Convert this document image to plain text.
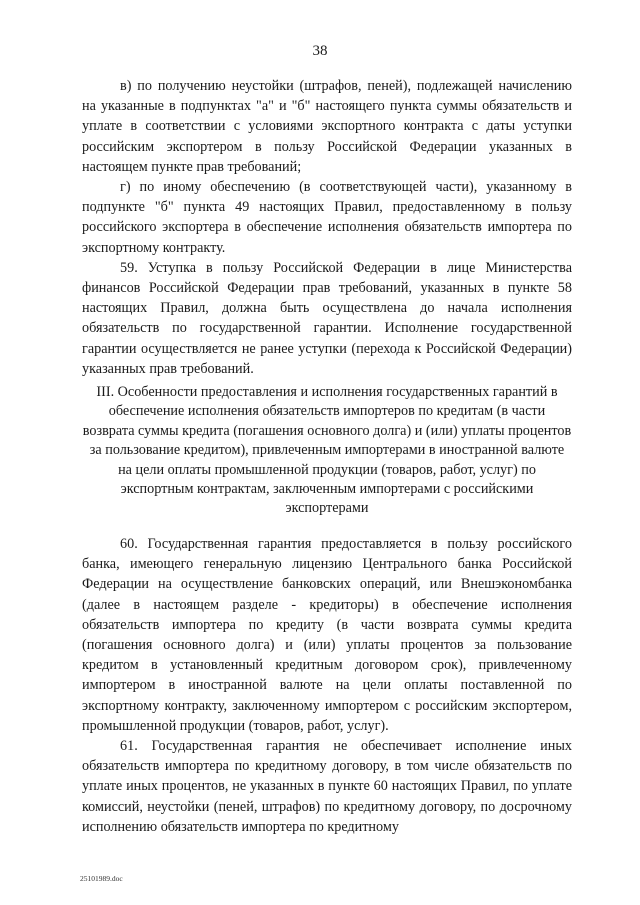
38

в) по получению неустойки (штрафов, пеней), подлежащей начислению на указанные в подпунктах "а" и "б" настоящего пункта суммы обязательств и уплате в соответствии с условиями экспортного контракта с даты уступки российским экспортером в пользу Российской Федерации указанных в настоящем пункте прав требований;

г) по иному обеспечению (в соответствующей части), указанному в подпункте "б" пункта 49 настоящих Правил, предоставленному в пользу российского экспортера в обеспечение исполнения обязательств импортера по экспортному контракту.

59. Уступка в пользу Российской Федерации в лице Министерства финансов Российской Федерации прав требований, указанных в пункте 58 настоящих Правил, должна быть осуществлена до начала исполнения обязательств по государственной гарантии. Исполнение государственной гарантии осуществляется не ранее уступки (перехода к Российской Федерации) указанных прав требований.

III. Особенности предоставления и исполнения государственных гарантий в обеспечение исполнения обязательств импортеров по кредитам (в части возврата суммы кредита (погашения основного долга) и (или) уплаты процентов за пользование кредитом), привлеченным импортерами в иностранной валюте на цели оплаты промышленной продукции (товаров, работ, услуг) по экспортным контрактам, заключенным импортерами с российскими экспортерами

60. Государственная гарантия предоставляется в пользу российского банка, имеющего генеральную лицензию Центрального банка Российской Федерации на осуществление банковских операций, или Внешэкономбанка (далее в настоящем разделе - кредиторы) в обеспечение исполнения обязательств импортера по кредиту (в части возврата суммы кредита (погашения основного долга) и (или) уплаты процентов за пользование кредитом в установленный кредитным договором срок), привлеченному импортером в иностранной валюте на цели оплаты поставленной по экспортному контракту, заключенному импортером с российским экспортером, промышленной продукции (товаров, работ, услуг).

61. Государственная гарантия не обеспечивает исполнение иных обязательств импортера по кредитному договору, в том числе обязательств по уплате иных процентов, не указанных в пункте 60 настоящих Правил, по уплате комиссий, неустойки (пеней, штрафов) по кредитному договору, по досрочному исполнению обязательств импортера по кредитному

25101989.doc
